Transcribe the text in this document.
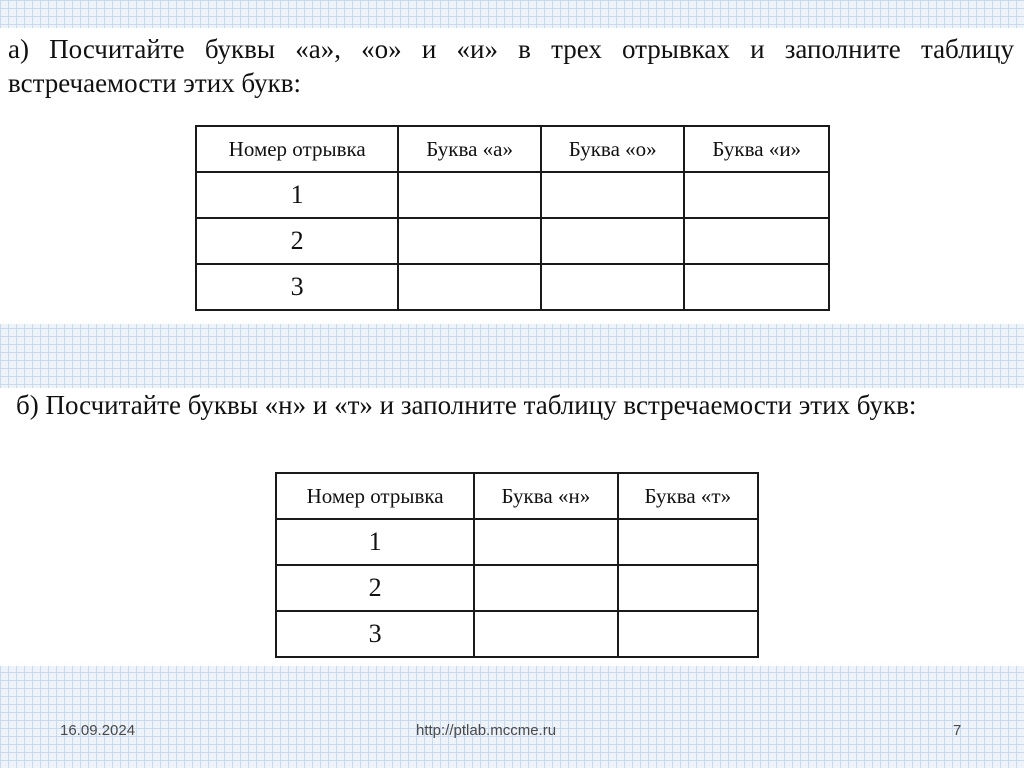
а) Посчитайте буквы «а», «о» и «и» в трех отрывках и заполните таблицу встречаемости этих букв:

Номер отрывка	Буква «а»	Буква «о»	Буква «и»
1			
2			
3			

б) Посчитайте буквы «н» и «т» и заполните таблицу встречаемости этих букв:

Номер отрывка	Буква «н»	Буква «т»
1		
2		
3		
16.09.2024	http://ptlab.mccme.ru	7
